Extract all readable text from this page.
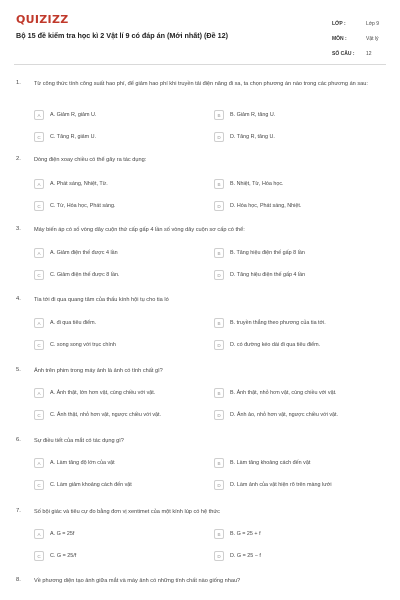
QUIZIZZ
Bộ 15 đề kiểm tra học kì 2 Vật lí 9 có đáp án (Mới nhất) (Đề 12)
LỚP :	Lớp 9
MÔN :	Vật lý
SỐ CÂU :	12
1. Từ công thức tính công suất hao phí, để giảm hao phí khi truyền tải điện năng đi xa, ta chọn phương án nào trong các phương án sau:
A	A. Giảm R, giảm U.	B	B. Giảm R, tăng U.
C	C. Tăng R, giảm U.	D	D. Tăng R, tăng U.
2. Dòng điện xoay chiều có thể gây ra tác dụng:
A	A. Phát sáng, Nhiệt, Từ.	B	B. Nhiệt, Từ, Hóa học.
C	C. Từ, Hóa học, Phát sáng.	D	D. Hóa học, Phát sáng, Nhiệt.
3. Máy biến áp có số vòng dây cuộn thứ cấp gấp 4 lần số vòng dây cuộn sơ cấp có thể:
A	A. Giảm điện thế được 4 lần	B	B. Tăng hiệu điện thế gấp 8 lần
C	C. Giảm điện thế được 8 lần.	D	D. Tăng hiệu điện thế gấp 4 lần
4. Tia tới đi qua quang tâm của thấu kính hội tụ cho tia ló
A	A. đi qua tiêu điểm.	B	B. truyền thẳng theo phương của tia tới.
C	C. song song với trục chính	D	D. có đường kéo dài đi qua tiêu điểm.
5. Ảnh trên phim trong máy ảnh là ảnh có tính chất gì?
A	A. Ảnh thật, lớn hơn vật, cùng chiều với vật.	B	B. Ảnh thật, nhỏ hơn vật, cùng chiều với vật.
C	C. Ảnh thật, nhỏ hơn vật, ngược chiều với vật.	D	D. Ảnh ảo, nhỏ hơn vật, ngược chiều với vật.
6. Sự điều tiết của mắt có tác dụng gì?
A	A. Làm tăng độ lớn của vật	B	B. Làm tăng khoảng cách đến vật
C	C. Làm giảm khoảng cách đến vật	D	D. Làm ảnh của vật hiện rõ trên màng lưới
7. Số bội giác và tiêu cự đo bằng đơn vị xentimet của một kính lúp có hệ thức
A	A. G = 25f	B	B. G = 25 + f
C	C. G = 25/f	D	D. G = 25 − f
8. Về phương diện tạo ảnh giữa mắt và máy ảnh có những tính chất nào giống nhau?
